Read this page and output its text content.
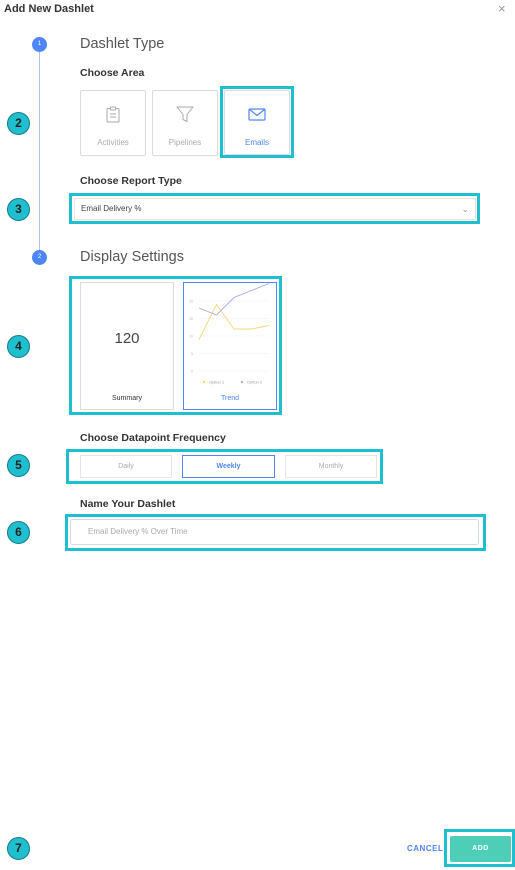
Add New Dashlet	×
1
2
Dashlet Type
Choose Area
Activities	Pipelines	Emails
Choose Report Type
Email Delivery %	⌄
Display Settings
120
Summary
20
15
10
5
0
Option 1	Option 2
Trend
Choose Datapoint Frequency
Daily	Weekly	Monthly
Name Your Dashlet
Email Delivery % Over Time
2
3
4
5
6
7	CANCEL	ADD
